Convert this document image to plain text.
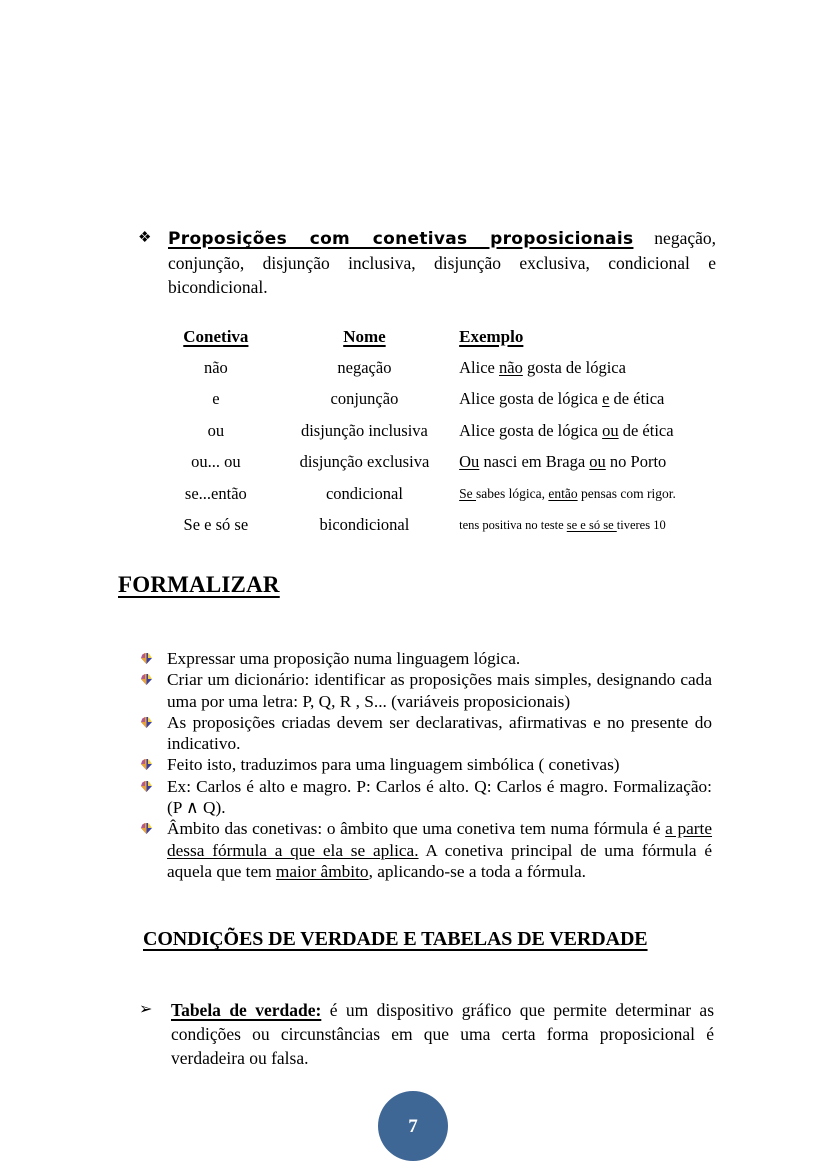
❖ Proposições com conetivas proposicionais negação, conjunção, disjunção inclusiva, disjunção exclusiva, condicional e bicondicional.
Conetiva	Nome	Exemplo
não	negação	Alice não gosta de lógica
e	conjunção	Alice gosta de lógica e de ética
ou	disjunção inclusiva	Alice gosta de lógica ou de ética
ou... ou	disjunção exclusiva	Ou nasci em Braga ou no Porto
se...então	condicional	Se sabes lógica, então pensas com rigor.
Se e só se	bicondicional	tens positiva no teste se e só se tiveres 10
FORMALIZAR
Expressar uma proposição numa linguagem lógica.
Criar um dicionário: identificar as proposições mais simples, designando cada uma por uma letra: P, Q, R , S... (variáveis proposicionais)
As proposições criadas devem ser declarativas, afirmativas e no presente do indicativo.
Feito isto, traduzimos para uma linguagem simbólica ( conetivas)
Ex: Carlos é alto e magro. P: Carlos é alto. Q: Carlos é magro. Formalização: (P ∧ Q).
Âmbito das conetivas: o âmbito que uma conetiva tem numa fórmula é a parte dessa fórmula a que ela se aplica. A conetiva principal de uma fórmula é aquela que tem maior âmbito, aplicando-se a toda a fórmula.
CONDIÇÕES DE VERDADE E TABELAS DE VERDADE
➢	Tabela de verdade: é um dispositivo gráfico que permite determinar as condições ou circunstâncias em que uma certa forma proposicional é verdadeira ou falsa.
7
